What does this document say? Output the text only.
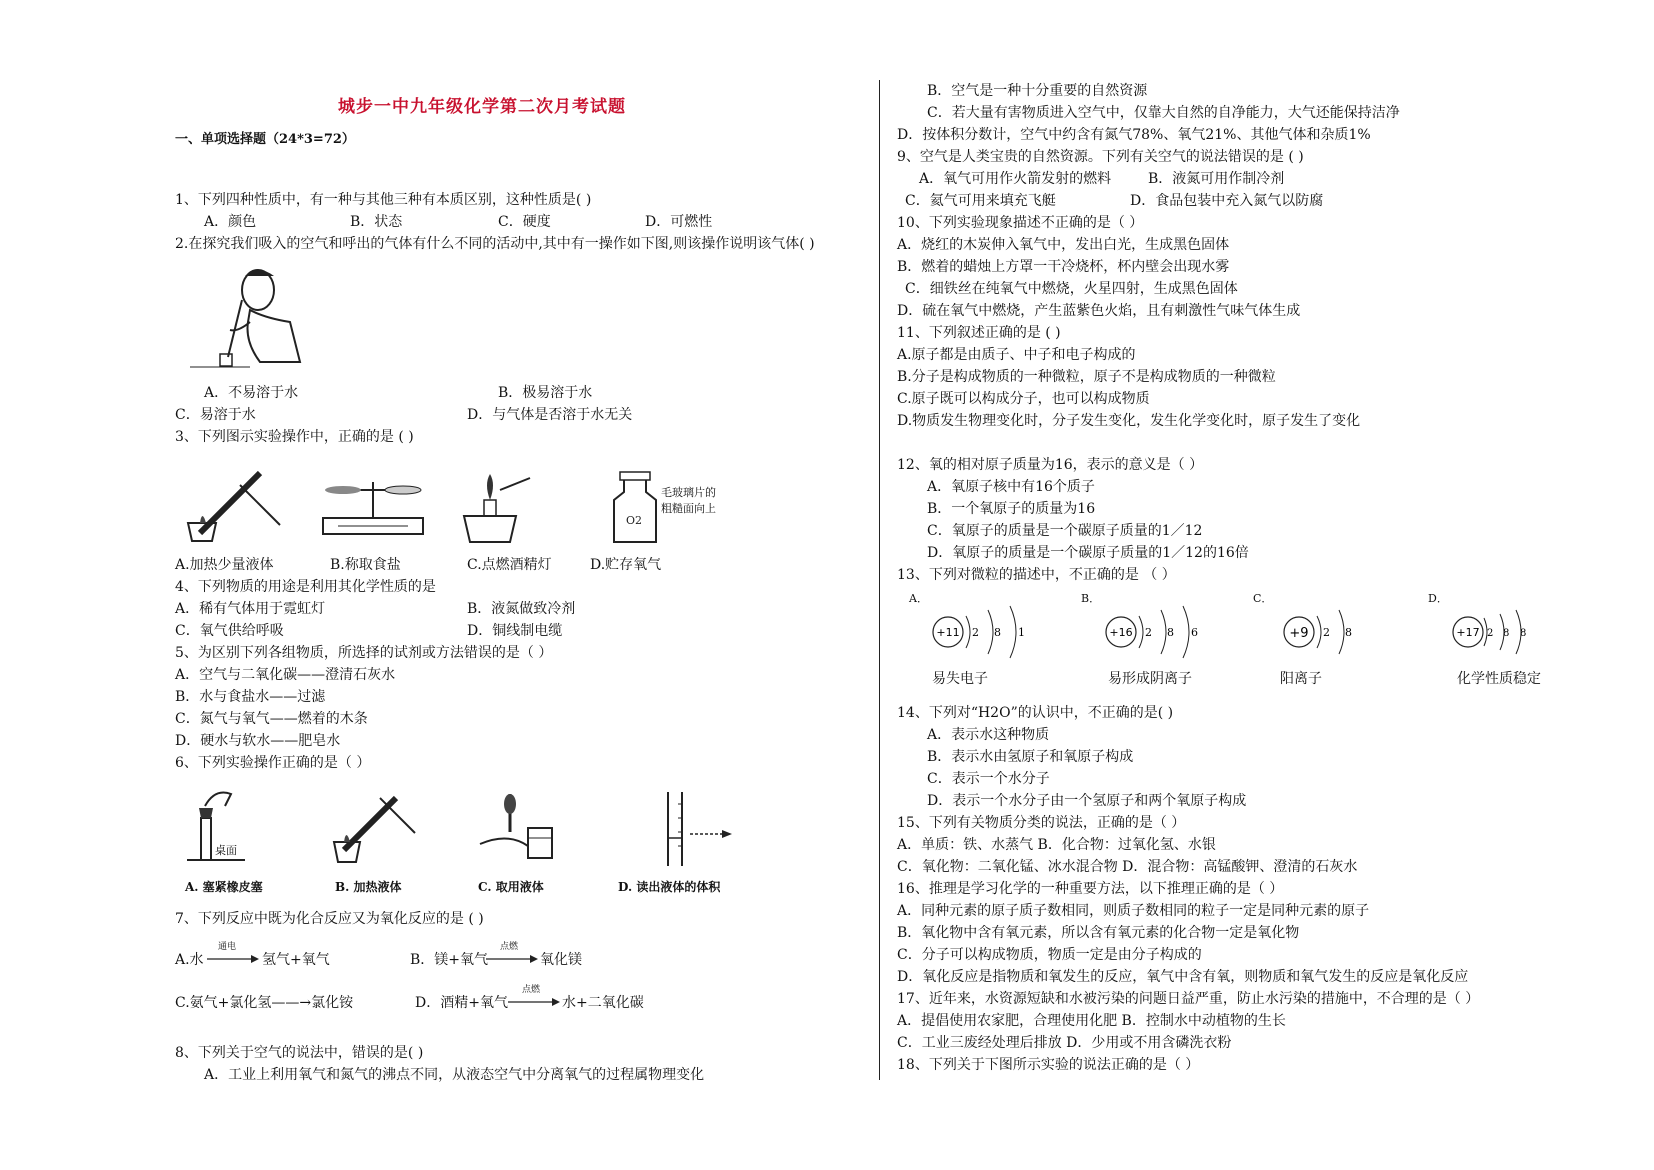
城步一中九年级化学第二次月考试题
一、单项选择题（24*3=72）
1、下列四种性质中，有一种与其他三种有本质区别，这种性质是( )
A．颜色	B．状态	C．硬度	D．可燃性
2.在探究我们吸入的空气和呼出的气体有什么不同的活动中,其中有一操作如下图,则该操作说明该气体( )
A．不易溶于水	B．极易溶于水
C．易溶于水	D．与气体是否溶于水无关
3、下列图示实验操作中，正确的是 ( )
O2
毛玻璃片的
粗糙面向上
A.加热少量液体	B.称取食盐	C.点燃酒精灯	D.贮存氧气
4、下列物质的用途是利用其化学性质的是
A．稀有气体用于霓虹灯	B．液氮做致冷剂
C．氧气供给呼吸	D．铜线制电缆
5、为区别下列各组物质，所选择的试剂或方法错误的是（ ）
A．空气与二氧化碳——澄清石灰水
B．水与食盐水——过滤
C．氮气与氧气——燃着的木条
D．硬水与软水——肥皂水
6、下列实验操作正确的是（ ）
桌面
A. 塞紧橡皮塞	B. 加热液体	C. 取用液体	D. 读出液体的体积
7、下列反应中既为化合反应又为氧化反应的是 ( )
A.水
通电
氢气+氧气	B．镁+氧气
点燃
氧化镁
C.氨气+氯化氢——→氯化铵	D．酒精+氧气
点燃
水+二氧化碳
8、下列关于空气的说法中，错误的是( )
A．工业上利用氧气和氮气的沸点不同，从液态空气中分离氧气的过程属物理变化
B．空气是一种十分重要的自然资源
C．若大量有害物质进入空气中，仅靠大自然的自净能力，大气还能保持洁净
D．按体积分数计，空气中约含有氮气78%、氧气21%、其他气体和杂质1%
9、空气是人类宝贵的自然资源。下列有关空气的说法错误的是 ( )
A．氧气可用作火箭发射的燃料	B．液氮可用作制冷剂
C．氦气可用来填充飞艇	D．食品包装中充入氮气以防腐
10、下列实验现象描述不正确的是（ ）
A．烧红的木炭伸入氧气中，发出白光，生成黑色固体
B．燃着的蜡烛上方罩一干冷烧杯，杯内壁会出现水雾
C．细铁丝在纯氧气中燃烧，火星四射，生成黑色固体
D．硫在氧气中燃烧，产生蓝紫色火焰，且有刺激性气味气体生成
11、下列叙述正确的是 ( )
A.原子都是由质子、中子和电子构成的
B.分子是构成物质的一种微粒，原子不是构成物质的一种微粒
C.原子既可以构成分子，也可以构成物质
D.物质发生物理变化时，分子发生变化，发生化学变化时，原子发生了变化
12、氧的相对原子质量为16，表示的意义是（ ）
A．氧原子核中有16个质子
B．一个氧原子的质量为16
C．氧原子的质量是一个碳原子质量的1／12
D．氧原子的质量是一个碳原子质量的1／12的16倍
13、下列对微粒的描述中，不正确的是 （ ）
A．	B．	C．	D．
+11 2 8 1	+16 2 8 6	+9 2 8	+17 2 8 8
易失电子	易形成阴离子	阳离子	化学性质稳定
14、下列对“H2O”的认识中，不正确的是( )
A．表示水这种物质
B．表示水由氢原子和氧原子构成
C．表示一个水分子
D．表示一个水分子由一个氢原子和两个氧原子构成
15、下列有关物质分类的说法，正确的是（ ）
A．单质：铁、水蒸气 B．化合物：过氧化氢、水银
C．氧化物：二氧化锰、冰水混合物 D．混合物：高锰酸钾、澄清的石灰水
16、推理是学习化学的一种重要方法，以下推理正确的是（ ）
A．同种元素的原子质子数相同，则质子数相同的粒子一定是同种元素的原子
B．氧化物中含有氧元素，所以含有氧元素的化合物一定是氧化物
C．分子可以构成物质，物质一定是由分子构成的
D．氧化反应是指物质和氧发生的反应，氧气中含有氧，则物质和氧气发生的反应是氧化反应
17、近年来，水资源短缺和水被污染的问题日益严重，防止水污染的措施中，不合理的是（ ）
A．提倡使用农家肥，合理使用化肥 B．控制水中动植物的生长
C．工业三废经处理后排放 D．少用或不用含磷洗衣粉
18、下列关于下图所示实验的说法正确的是（ ）
